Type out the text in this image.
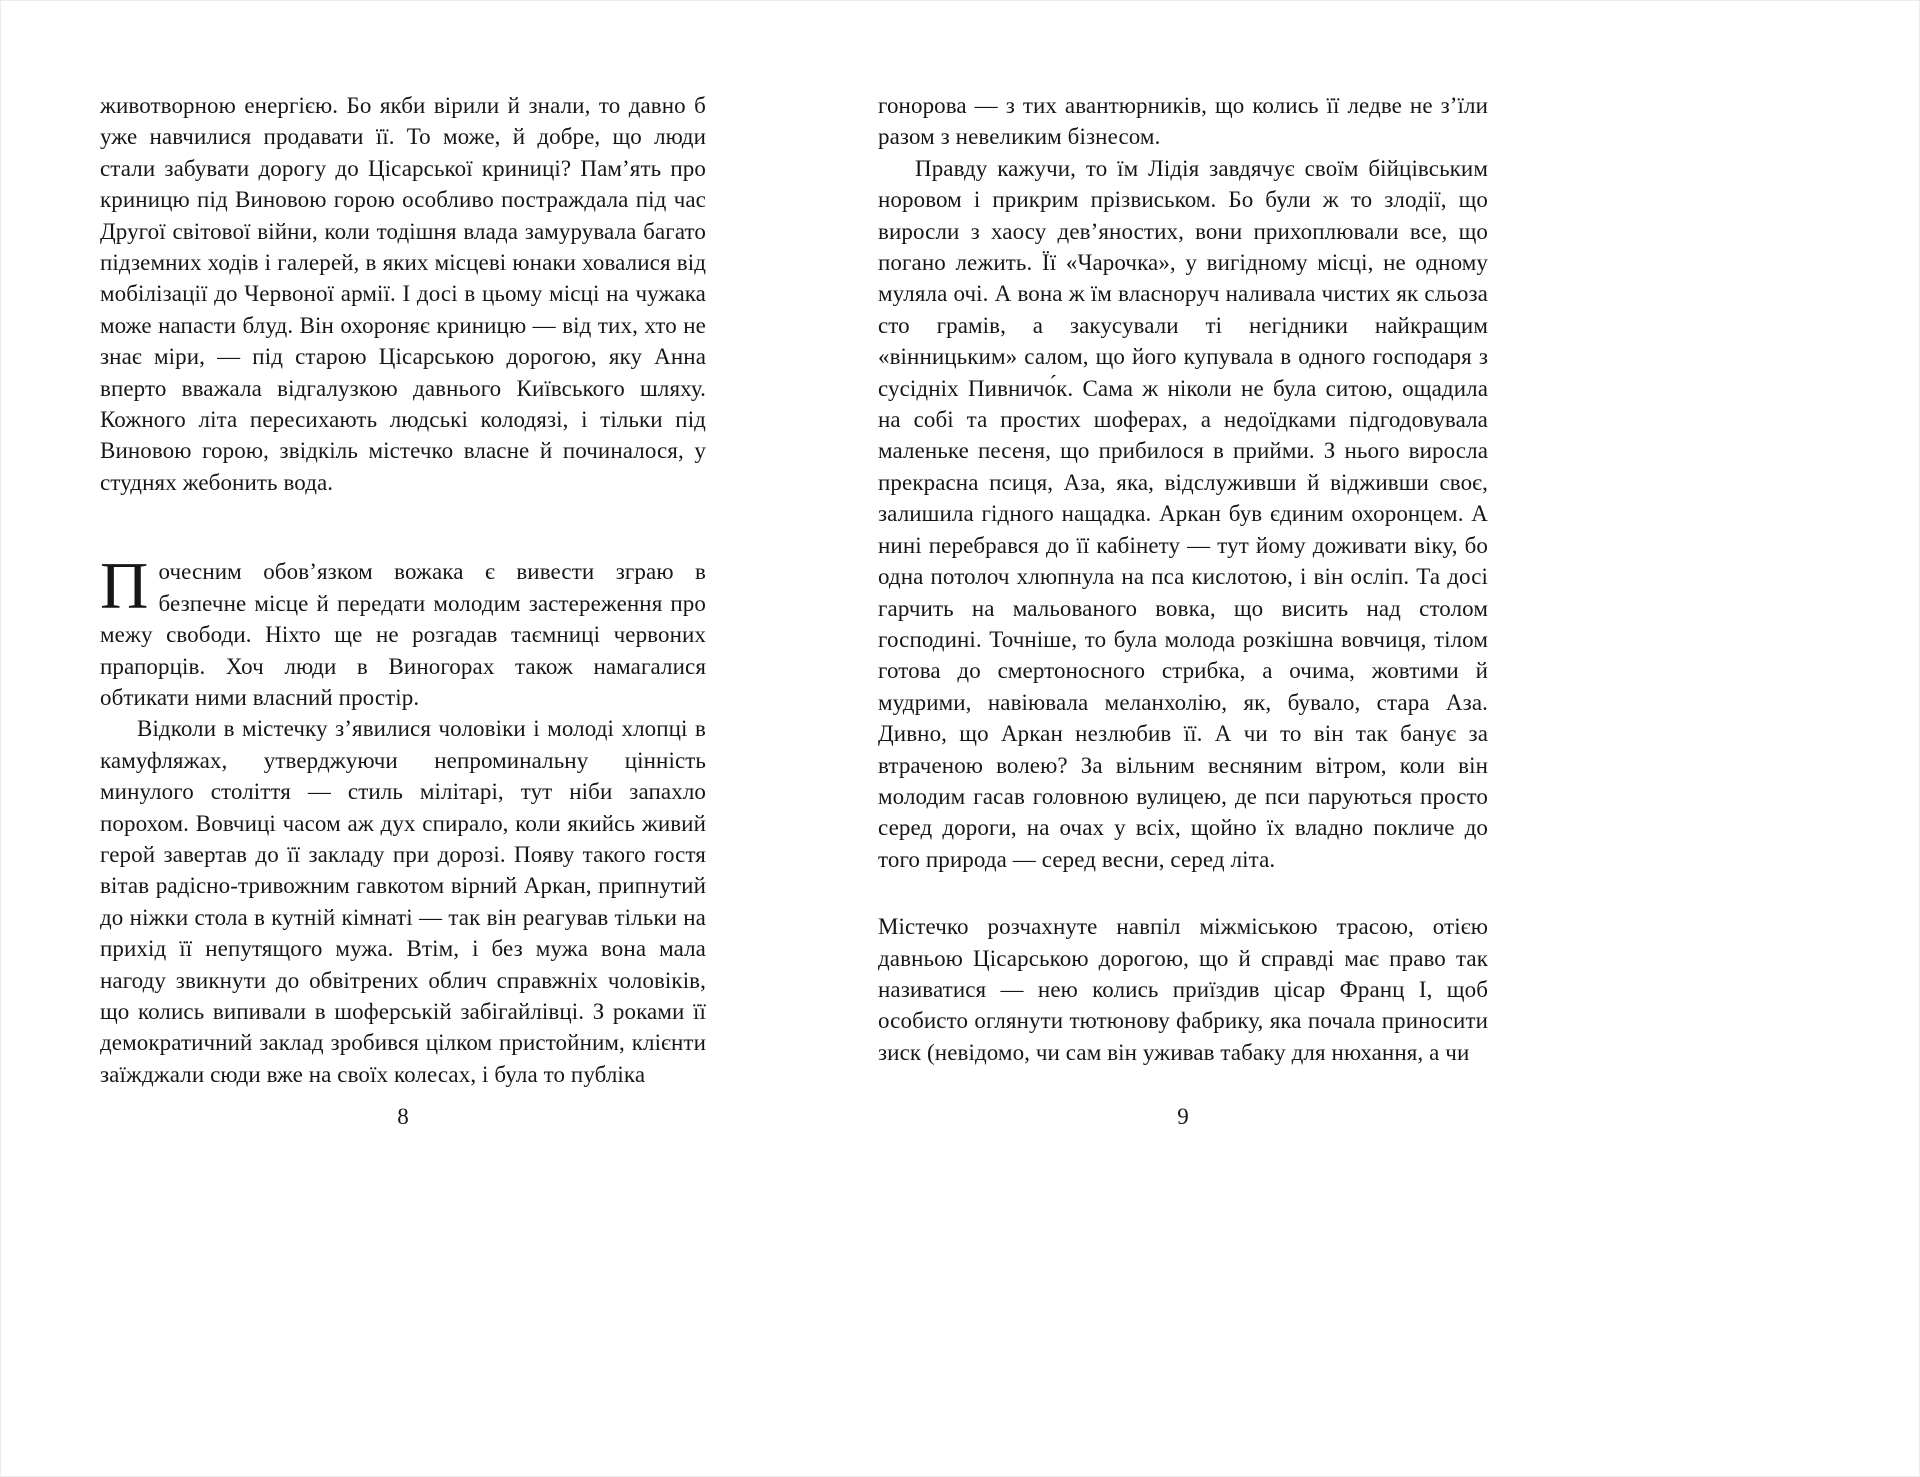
животворною енергією. Бо якби вірили й знали, то давно б уже навчилися продавати її. То може, й добре, що люди стали забувати дорогу до Цісарської криниці? Пам’ять про криницю під Виновою горою особливо постраждала під час Другої світової війни, коли тодішня влада замурувала багато підземних ходів і галерей, в яких місцеві юнаки ховалися від мобілізації до Червоної армії. І досі в цьому місці на чужака може напасти блуд. Він охороняє криницю — від тих, хто не знає міри, — під старою Цісарською дорогою, яку Анна вперто вважала відгалузкою давнього Київського шляху. Кожного літа пересихають людські колодязі, і тільки під Виновою горою, звідкіль містечко власне й починалося, у студнях жебонить вода.

Почесним обов’язком вожака є вивести зграю в безпечне місце й передати молодим застереження про межу свободи. Ніхто ще не розгадав таємниці червоних прапорців. Хоч люди в Виногорах також намагалися обтикати ними власний простір.

Відколи в містечку з’явилися чоловіки і молоді хлопці в камуфляжах, утверджуючи непроминальну цінність минулого століття — стиль мілітарі, тут ніби запахло порохом. Вовчиці часом аж дух спирало, коли якийсь живий герой завертав до її закладу при дорозі. Появу такого гостя вітав радісно-тривожним гавкотом вірний Аркан, припнутий до ніжки стола в кутній кімнаті — так він реагував тільки на прихід її непутящого мужа. Втім, і без мужа вона мала нагоду звикнути до обвітрених облич справжніх чоловіків, що колись випивали в шоферській забігайлівці. З роками її демократичний заклад зробився цілком пристойним, клієнти заїжджали сюди вже на своїх колесах, і була то публіка

8

гонорова — з тих авантюрників, що колись її ледве не з’їли разом з невеликим бізнесом.

Правду кажучи, то їм Лідія завдячує своїм бійцівським норовом і прикрим прізвиськом. Бо були ж то злодії, що виросли з хаосу дев’яностих, вони прихоплювали все, що погано лежить. Її «Чарочка», у вигідному місці, не одному муляла очі. А вона ж їм власноруч наливала чистих як сльоза сто грамів, а закусували ті негідники найкращим «вінницьким» салом, що його купувала в одного господаря з сусідніх Пивничо́к. Сама ж ніколи не була ситою, ощадила на собі та простих шоферах, а недоїдками підгодовувала маленьке песеня, що прибилося в прийми. З нього виросла прекрасна псиця, Аза, яка, відслуживши й відживши своє, залишила гідного нащадка. Аркан був єдиним охоронцем. А нині перебрався до її кабінету — тут йому доживати віку, бо одна потолоч хлюпнула на пса кислотою, і він осліп. Та досі гарчить на мальованого вовка, що висить над столом господині. Точніше, то була молода розкішна вовчиця, тілом готова до смертоносного стрибка, а очима, жовтими й мудрими, навіювала меланхолію, як, бувало, стара Аза. Дивно, що Аркан незлюбив її. А чи то він так банує за втраченою волею? За вільним весняним вітром, коли він молодим гасав головною вулицею, де пси паруються просто серед дороги, на очах у всіх, щойно їх владно покличе до того природа — серед весни, серед літа.

Містечко розчахнуте навпіл міжміською трасою, отією давньою Цісарською дорогою, що й справді має право так називатися — нею колись приїздив цісар Франц І, щоб особисто оглянути тютюнову фабрику, яка почала приносити зиск (невідомо, чи сам він уживав табаку для нюхання, а чи

9
